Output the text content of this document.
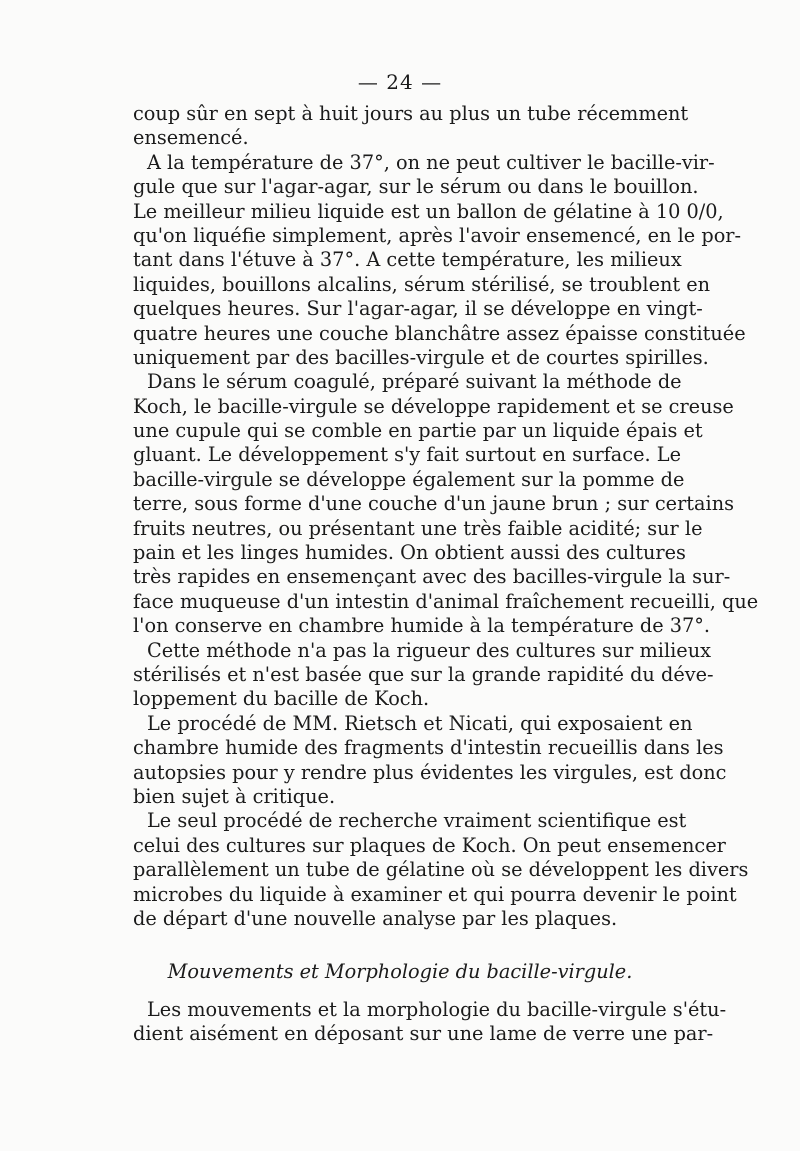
— 24 —
coup sûr en sept à huit jours au plus un tube récemment
ensemencé.
A la température de 37°, on ne peut cultiver le bacille-vir-
gule que sur l'agar-agar, sur le sérum ou dans le bouillon.
Le meilleur milieu liquide est un ballon de gélatine à 10 0/0,
qu'on liquéfie simplement, après l'avoir ensemencé, en le por-
tant dans l'étuve à 37°. A cette température, les milieux
liquides, bouillons alcalins, sérum stérilisé, se troublent en
quelques heures. Sur l'agar-agar, il se développe en vingt-
quatre heures une couche blanchâtre assez épaisse constituée
uniquement par des bacilles-virgule et de courtes spirilles.
Dans le sérum coagulé, préparé suivant la méthode de
Koch, le bacille-virgule se développe rapidement et se creuse
une cupule qui se comble en partie par un liquide épais et
gluant. Le développement s'y fait surtout en surface. Le
bacille-virgule se développe également sur la pomme de
terre, sous forme d'une couche d'un jaune brun ; sur certains
fruits neutres, ou présentant une très faible acidité; sur le
pain et les linges humides. On obtient aussi des cultures
très rapides en ensemençant avec des bacilles-virgule la sur-
face muqueuse d'un intestin d'animal fraîchement recueilli, que
l'on conserve en chambre humide à la température de 37°.
Cette méthode n'a pas la rigueur des cultures sur milieux
stérilisés et n'est basée que sur la grande rapidité du déve-
loppement du bacille de Koch.
Le procédé de MM. Rietsch et Nicati, qui exposaient en
chambre humide des fragments d'intestin recueillis dans les
autopsies pour y rendre plus évidentes les virgules, est donc
bien sujet à critique.
Le seul procédé de recherche vraiment scientifique est
celui des cultures sur plaques de Koch. On peut ensemencer
parallèlement un tube de gélatine où se développent les divers
microbes du liquide à examiner et qui pourra devenir le point
de départ d'une nouvelle analyse par les plaques.
Mouvements et Morphologie du bacille-virgule.
Les mouvements et la morphologie du bacille-virgule s'étu-
dient aisément en déposant sur une lame de verre une par-
